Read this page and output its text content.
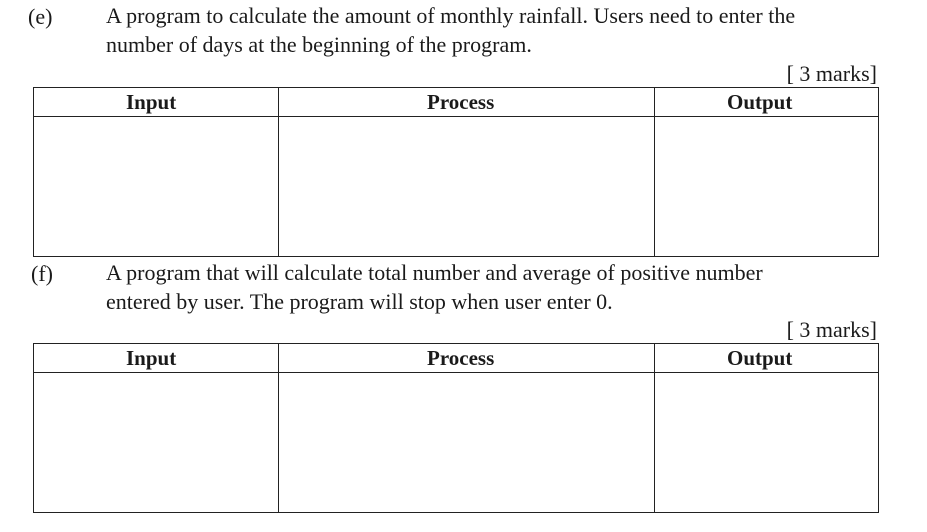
(e) A program to calculate the amount of monthly rainfall. Users need to enter the
number of days at the beginning of the program.
[ 3 marks]
Input	Process	Output
(f) A program that will calculate total number and average of positive number
entered by user. The program will stop when user enter 0.
[ 3 marks]
Input	Process	Output
